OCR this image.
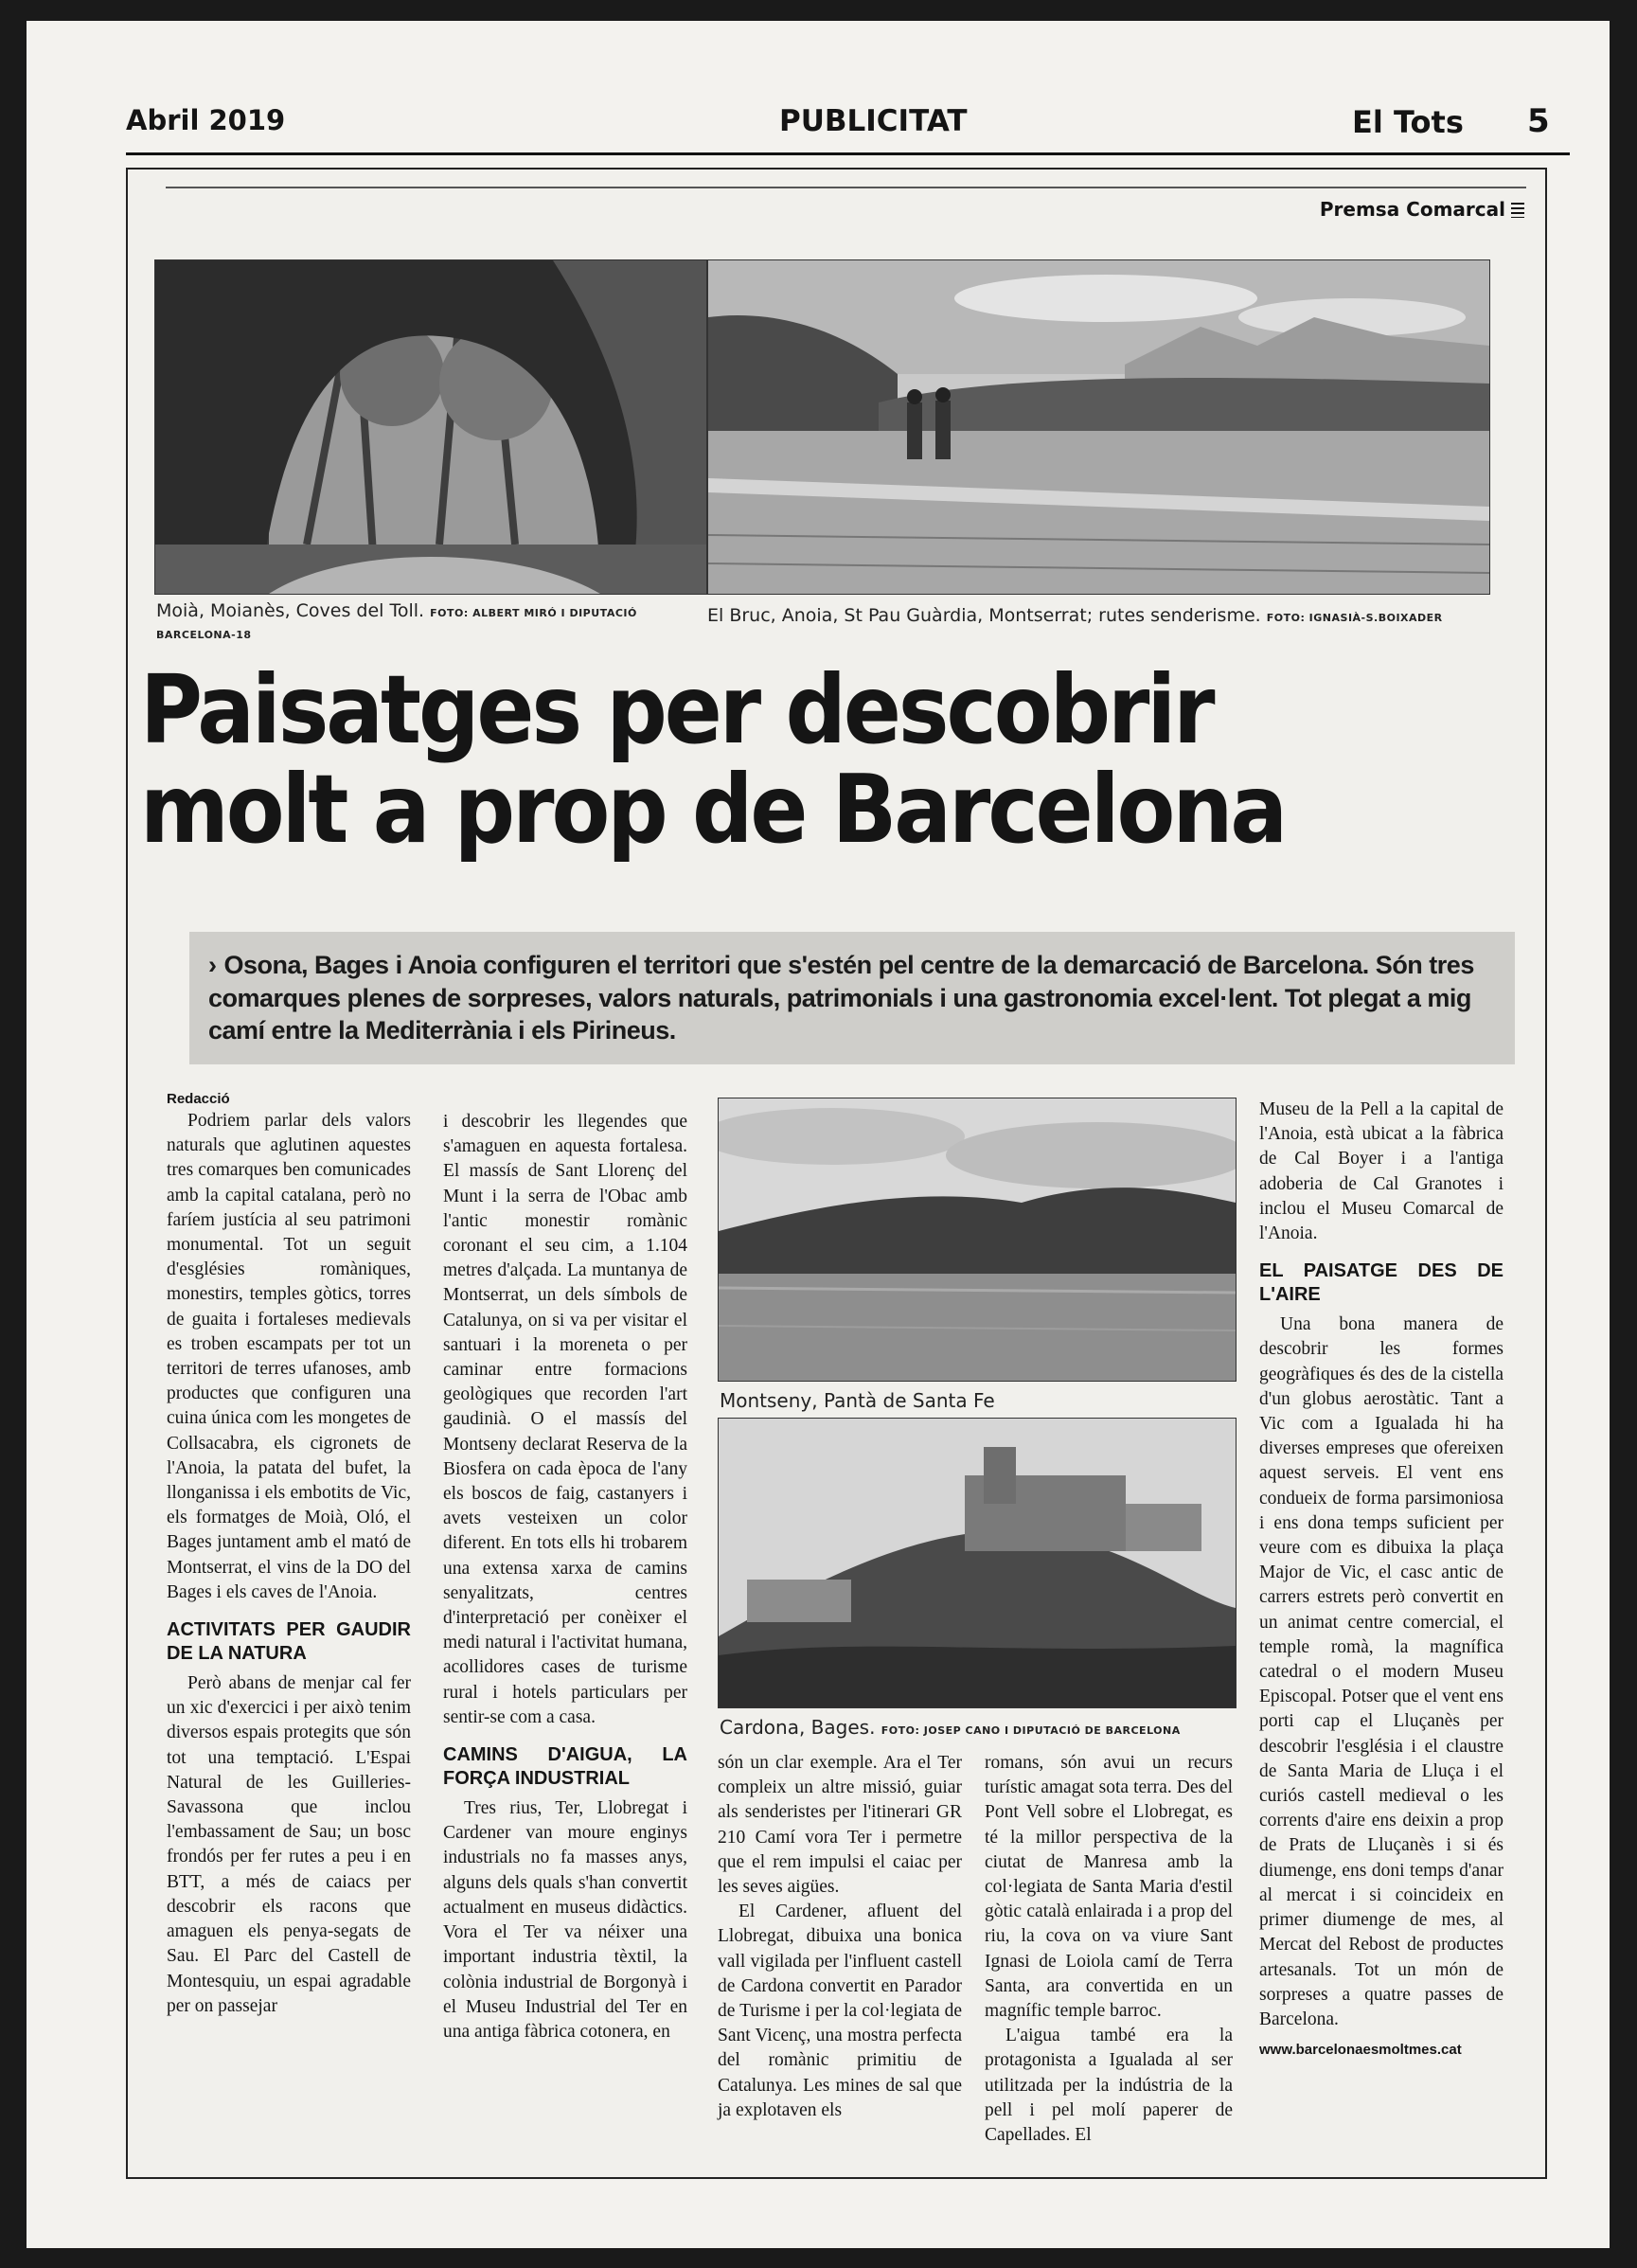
Abril 2019	PUBLICITAT	El Tots 5
Premsa Comarcal
Moià, Moianès, Coves del Toll. FOTO: ALBERT MIRÓ I DIPUTACIÓ BARCELONA-18
El Bruc, Anoia, St Pau Guàrdia, Montserrat; rutes senderisme. FOTO: IGNASIÀ-S.BOIXADER
Paisatges per descobrir
molt a prop de Barcelona
› Osona, Bages i Anoia configuren el territori que s'estén pel centre de la demarcació de Barcelona. Són tres comarques plenes de sorpreses, valors naturals, patrimonials i una gastronomia excel·lent. Tot plegat a mig camí entre la Mediterrània i els Pirineus.
Redacció

Podriem parlar dels valors naturals que aglutinen aquestes tres comarques ben comunicades amb la capital catalana, però no faríem justícia al seu patrimoni monumental. Tot un seguit d'esglésies romàniques, monestirs, temples gòtics, torres de guaita i fortaleses medievals es troben escampats per tot un territori de terres ufanoses, amb productes que configuren una cuina única com les mongetes de Collsacabra, els cigronets de l'Anoia, la patata del bufet, la llonganissa i els embotits de Vic, els formatges de Moià, Oló, el Bages juntament amb el mató de Montserrat, el vins de la DO del Bages i els caves de l'Anoia.

ACTIVITATS PER GAUDIR DE LA NATURA

Però abans de menjar cal fer un xic d'exercici i per això tenim diversos espais protegits que són tot una temptació. L'Espai Natural de les Guilleries-Savassona que inclou l'embassament de Sau; un bosc frondós per fer rutes a peu i en BTT, a més de caiacs per descobrir els racons que amaguen els penya-segats de Sau. El Parc del Castell de Montesquiu, un espai agradable per on passejar

i descobrir les llegendes que s'amaguen en aquesta fortalesa. El massís de Sant Llorenç del Munt i la serra de l'Obac amb l'antic monestir romànic coronant el seu cim, a 1.104 metres d'alçada. La muntanya de Montserrat, un dels símbols de Catalunya, on si va per visitar el santuari i la moreneta o per caminar entre formacions geològiques que recorden l'art gaudinià. O el massís del Montseny declarat Reserva de la Biosfera on cada època de l'any els boscos de faig, castanyers i avets vesteixen un color diferent. En tots ells hi trobarem una extensa xarxa de camins senyalitzats, centres d'interpretació per conèixer el medi natural i l'activitat humana, acollidores cases de turisme rural i hotels particulars per sentir-se com a casa.

CAMINS D'AIGUA, LA FORÇA INDUSTRIAL

Tres rius, Ter, Llobregat i Cardener van moure enginys industrials no fa masses anys, alguns dels quals s'han convertit actualment en museus didàctics. Vora el Ter va néixer una important industria tèxtil, la colònia industrial de Borgonyà i el Museu Industrial del Ter en una antiga fàbrica cotonera, en

Montseny, Pantà de Santa Fe
Cardona, Bages. FOTO: JOSEP CANO I DIPUTACIÓ DE BARCELONA

són un clar exemple. Ara el Ter compleix un altre missió, guiar als senderistes per l'itinerari GR 210 Camí vora Ter i permetre que el rem impulsi el caiac per les seves aigües.

El Cardener, afluent del Llobregat, dibuixa una bonica vall vigilada per l'influent castell de Cardona convertit en Parador de Turisme i per la col·legiata de Sant Vicenç, una mostra perfecta del romànic primitiu de Catalunya. Les mines de sal que ja explotaven els

romans, són avui un recurs turístic amagat sota terra. Des del Pont Vell sobre el Llobregat, es té la millor perspectiva de la ciutat de Manresa amb la col·legiata de Santa Maria d'estil gòtic català enlairada i a prop del riu, la cova on va viure Sant Ignasi de Loiola camí de Terra Santa, ara convertida en un magnífic temple barroc.

L'aigua també era la protagonista a Igualada al ser utilitzada per la indústria de la pell i pel molí paperer de Capellades. El

Museu de la Pell a la capital de l'Anoia, està ubicat a la fàbrica de Cal Boyer i a l'antiga adoberia de Cal Granotes i inclou el Museu Comarcal de l'Anoia.

EL PAISATGE DES DE L'AIRE

Una bona manera de descobrir les formes geogràfiques és des de la cistella d'un globus aerostàtic. Tant a Vic com a Igualada hi ha diverses empreses que ofereixen aquest serveis. El vent ens condueix de forma parsimoniosa i ens dona temps suficient per veure com es dibuixa la plaça Major de Vic, el casc antic de carrers estrets però convertit en un animat centre comercial, el temple romà, la magnífica catedral o el modern Museu Episcopal. Potser que el vent ens porti cap el Lluçanès per descobrir l'església i el claustre de Santa Maria de Lluça i el curiós castell medieval o les corrents d'aire ens deixin a prop de Prats de Lluçanès i si és diumenge, ens doni temps d'anar al mercat i si coincideix en primer diumenge de mes, al Mercat del Rebost de productes artesanals. Tot un món de sorpreses a quatre passes de Barcelona.

www.barcelonaesmoltmes.cat
